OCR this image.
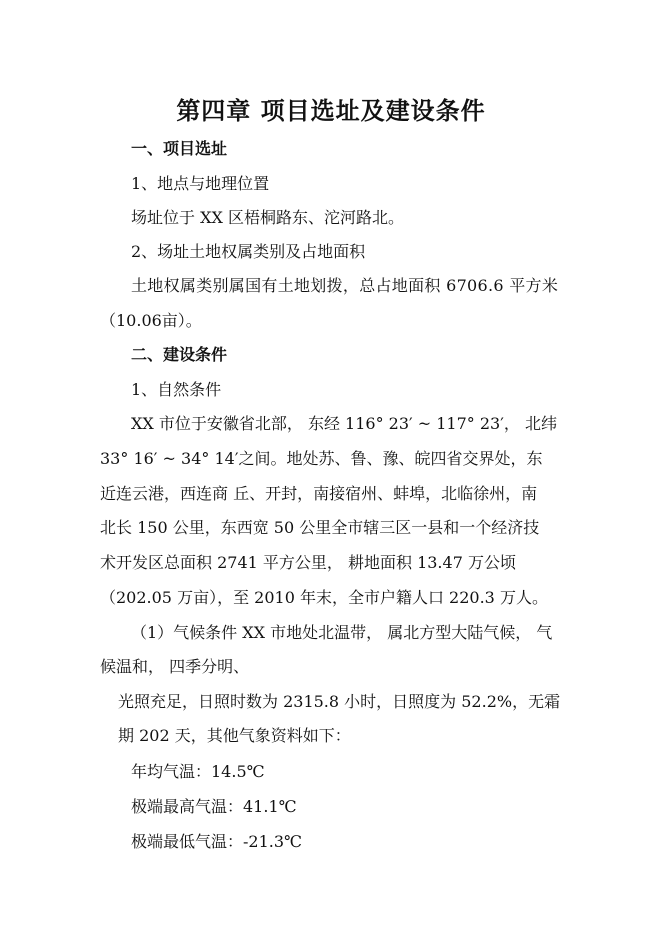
第四章 项目选址及建设条件
一、项目选址
1、地点与地理位置
场址位于 XX 区梧桐路东、沱河路北。
2、场址土地权属类别及占地面积
土地权属类别属国有土地划拨，总占地面积 6706.6 平方米
（10.06亩）。
二、建设条件
1、自然条件
XX 市位于安徽省北部， 东经 116° 23′ ~ 117° 23′， 北纬
33° 16′ ~ 34° 14′之间。地处苏、鲁、豫、皖四省交界处，东
近连云港，西连商 丘、开封，南接宿州、蚌埠，北临徐州，南
北长 150 公里，东西宽 50 公里全市辖三区一县和一个经济技
术开发区总面积 2741 平方公里， 耕地面积 13.47 万公顷
（202.05 万亩），至 2010 年末，全市户籍人口 220.3 万人。
（1）气候条件 XX 市地处北温带， 属北方型大陆气候， 气
候温和， 四季分明、
光照充足，日照时数为 2315.8 小时，日照度为 52.2%，无霜
期 202 天，其他气象资料如下：
年均气温：14.5℃
极端最高气温：41.1℃
极端最低气温：-21.3℃
